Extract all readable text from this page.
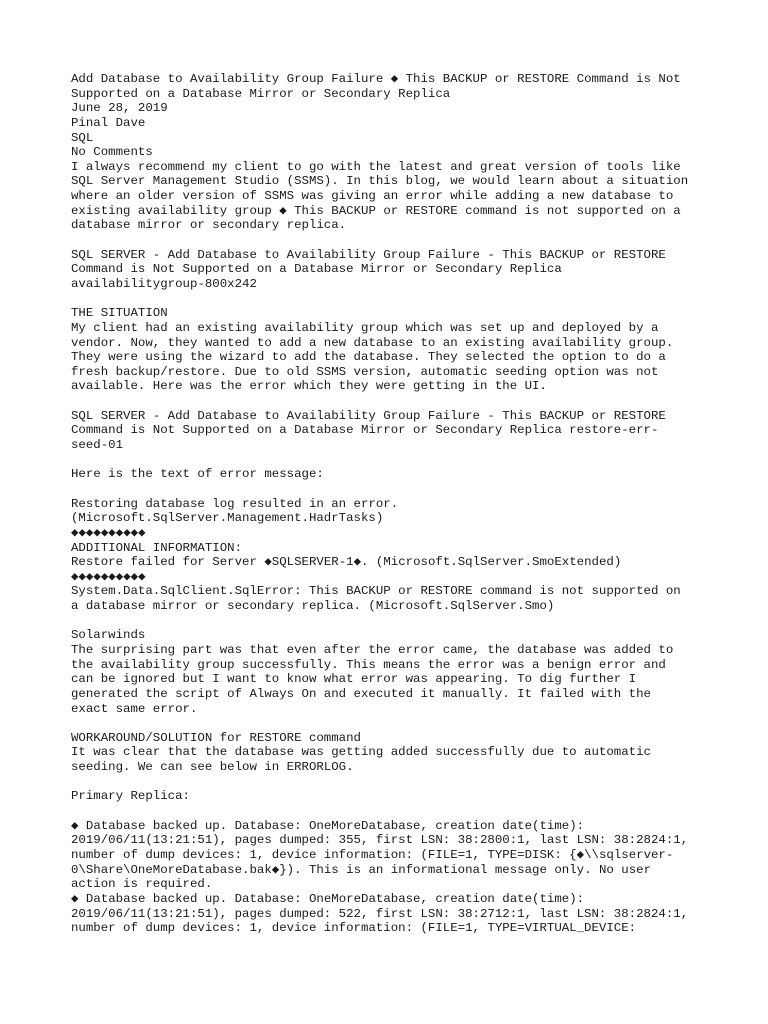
Add Database to Availability Group Failure ◆ This BACKUP or RESTORE Command is Not
Supported on a Database Mirror or Secondary Replica
June 28, 2019
Pinal Dave
SQL
No Comments
I always recommend my client to go with the latest and great version of tools like
SQL Server Management Studio (SSMS). In this blog, we would learn about a situation
where an older version of SSMS was giving an error while adding a new database to
existing availability group ◆ This BACKUP or RESTORE command is not supported on a
database mirror or secondary replica.
SQL SERVER - Add Database to Availability Group Failure - This BACKUP or RESTORE
Command is Not Supported on a Database Mirror or Secondary Replica
availabilitygroup-800x242
THE SITUATION
My client had an existing availability group which was set up and deployed by a
vendor. Now, they wanted to add a new database to an existing availability group.
They were using the wizard to add the database. They selected the option to do a
fresh backup/restore. Due to old SSMS version, automatic seeding option was not
available. Here was the error which they were getting in the UI.
SQL SERVER - Add Database to Availability Group Failure - This BACKUP or RESTORE
Command is Not Supported on a Database Mirror or Secondary Replica restore-err-
seed-01
Here is the text of error message:
Restoring database log resulted in an error.
(Microsoft.SqlServer.Management.HadrTasks)
◆◆◆◆◆◆◆◆◆◆
ADDITIONAL INFORMATION:
Restore failed for Server ◆SQLSERVER-1◆. (Microsoft.SqlServer.SmoExtended)
◆◆◆◆◆◆◆◆◆◆
System.Data.SqlClient.SqlError: This BACKUP or RESTORE command is not supported on
a database mirror or secondary replica. (Microsoft.SqlServer.Smo)
Solarwinds
The surprising part was that even after the error came, the database was added to
the availability group successfully. This means the error was a benign error and
can be ignored but I want to know what error was appearing. To dig further I
generated the script of Always On and executed it manually. It failed with the
exact same error.
WORKAROUND/SOLUTION for RESTORE command
It was clear that the database was getting added successfully due to automatic
seeding. We can see below in ERRORLOG.
Primary Replica:
◆ Database backed up. Database: OneMoreDatabase, creation date(time):
2019/06/11(13:21:51), pages dumped: 355, first LSN: 38:2800:1, last LSN: 38:2824:1,
number of dump devices: 1, device information: (FILE=1, TYPE=DISK: {◆\\sqlserver-
0\Share\OneMoreDatabase.bak◆}). This is an informational message only. No user
action is required.
◆ Database backed up. Database: OneMoreDatabase, creation date(time):
2019/06/11(13:21:51), pages dumped: 522, first LSN: 38:2712:1, last LSN: 38:2824:1,
number of dump devices: 1, device information: (FILE=1, TYPE=VIRTUAL_DEVICE:
